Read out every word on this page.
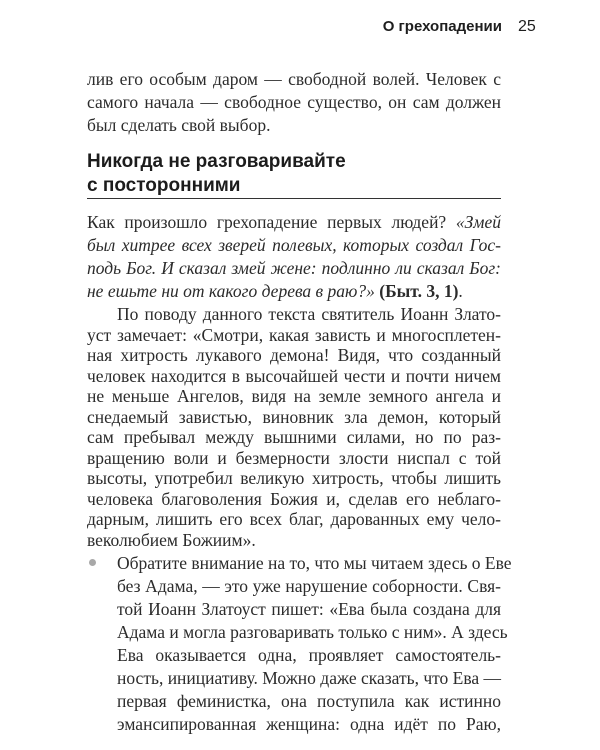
О грехопадении 25
лив его особым даром — свободной волей. Человек с
самого начала — свободное существо, он сам должен
был сделать свой выбор.
Никогда не разговаривайте
с посторонними
Как произошло грехопадение первых людей? «Змей
был хитрее всех зверей полевых, которых создал Гос-
подь Бог. И сказал змей жене: подлинно ли сказал Бог:
не ешьте ни от какого дерева в раю?» (Быт. 3, 1).
По поводу данного текста святитель Иоанн Злато-
уст замечает: «Смотри, какая зависть и многосплетен-
ная хитрость лукавого демона! Видя, что созданный
человек находится в высочайшей чести и почти ничем
не меньше Ангелов, видя на земле земного ангела и
снедаемый завистью, виновник зла демон, который
сам пребывал между вышними силами, но по раз-
вращению воли и безмерности злости ниспал с той
высоты, употребил великую хитрость, чтобы лишить
человека благоволения Божия и, сделав его неблаго-
дарным, лишить его всех благ, дарованных ему чело-
веколюбием Божиим».
Обратите внимание на то, что мы читаем здесь о Еве
без Адама, — это уже нарушение соборности. Свя-
той Иоанн Златоуст пишет: «Ева была создана для
Адама и могла разговаривать только с ним». А здесь
Ева оказывается одна, проявляет самостоятель-
ность, инициативу. Можно даже сказать, что Ева —
первая феминистка, она поступила как истинно
эмансипированная женщина: одна идёт по Раю,
